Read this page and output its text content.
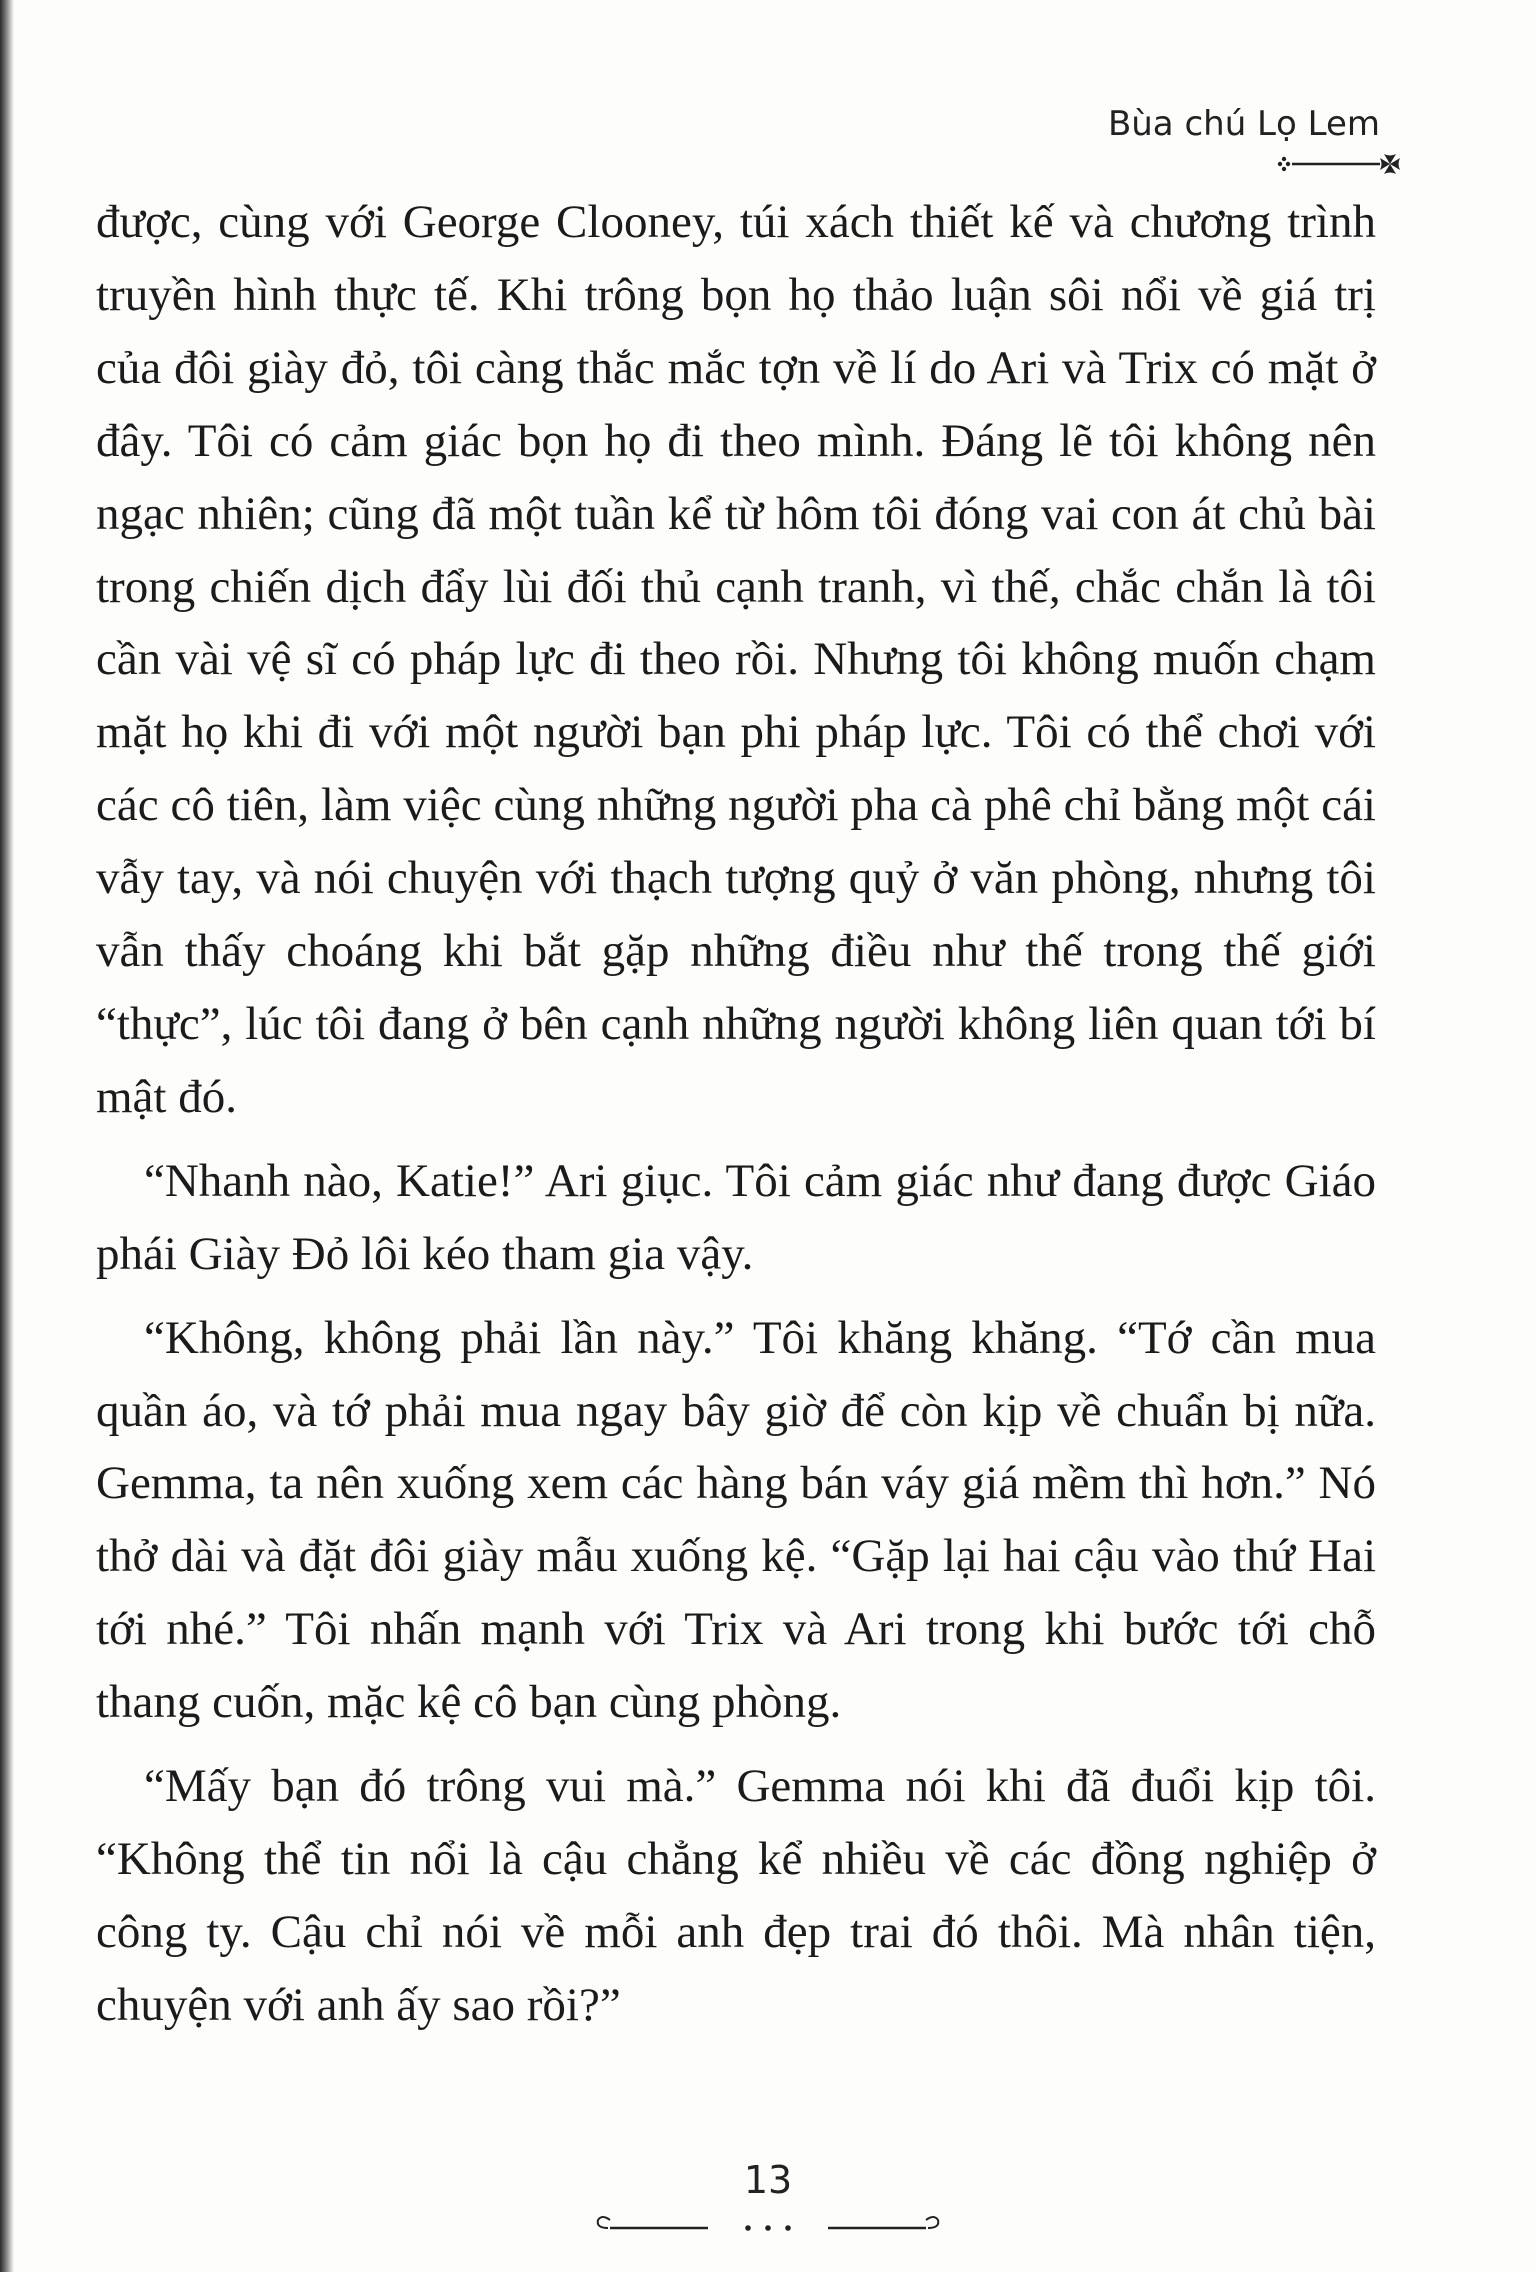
Bùa chú Lọ Lem

được, cùng với George Clooney, túi xách thiết kế và chương trình truyền hình thực tế. Khi trông bọn họ thảo luận sôi nổi về giá trị của đôi giày đỏ, tôi càng thắc mắc tợn về lí do Ari và Trix có mặt ở đây. Tôi có cảm giác bọn họ đi theo mình. Đáng lẽ tôi không nên ngạc nhiên; cũng đã một tuần kể từ hôm tôi đóng vai con át chủ bài trong chiến dịch đẩy lùi đối thủ cạnh tranh, vì thế, chắc chắn là tôi cần vài vệ sĩ có pháp lực đi theo rồi. Nhưng tôi không muốn chạm mặt họ khi đi với một người bạn phi pháp lực. Tôi có thể chơi với các cô tiên, làm việc cùng những người pha cà phê chỉ bằng một cái vẫy tay, và nói chuyện với thạch tượng quỷ ở văn phòng, nhưng tôi vẫn thấy choáng khi bắt gặp những điều như thế trong thế giới “thực”, lúc tôi đang ở bên cạnh những người không liên quan tới bí mật đó.

“Nhanh nào, Katie!” Ari giục. Tôi cảm giác như đang được Giáo phái Giày Đỏ lôi kéo tham gia vậy.

“Không, không phải lần này.” Tôi khăng khăng. “Tớ cần mua quần áo, và tớ phải mua ngay bây giờ để còn kịp về chuẩn bị nữa. Gemma, ta nên xuống xem các hàng bán váy giá mềm thì hơn.” Nó thở dài và đặt đôi giày mẫu xuống kệ. “Gặp lại hai cậu vào thứ Hai tới nhé.” Tôi nhấn mạnh với Trix và Ari trong khi bước tới chỗ thang cuốn, mặc kệ cô bạn cùng phòng.

“Mấy bạn đó trông vui mà.” Gemma nói khi đã đuổi kịp tôi. “Không thể tin nổi là cậu chẳng kể nhiều về các đồng nghiệp ở công ty. Cậu chỉ nói về mỗi anh đẹp trai đó thôi. Mà nhân tiện, chuyện với anh ấy sao rồi?”

13
